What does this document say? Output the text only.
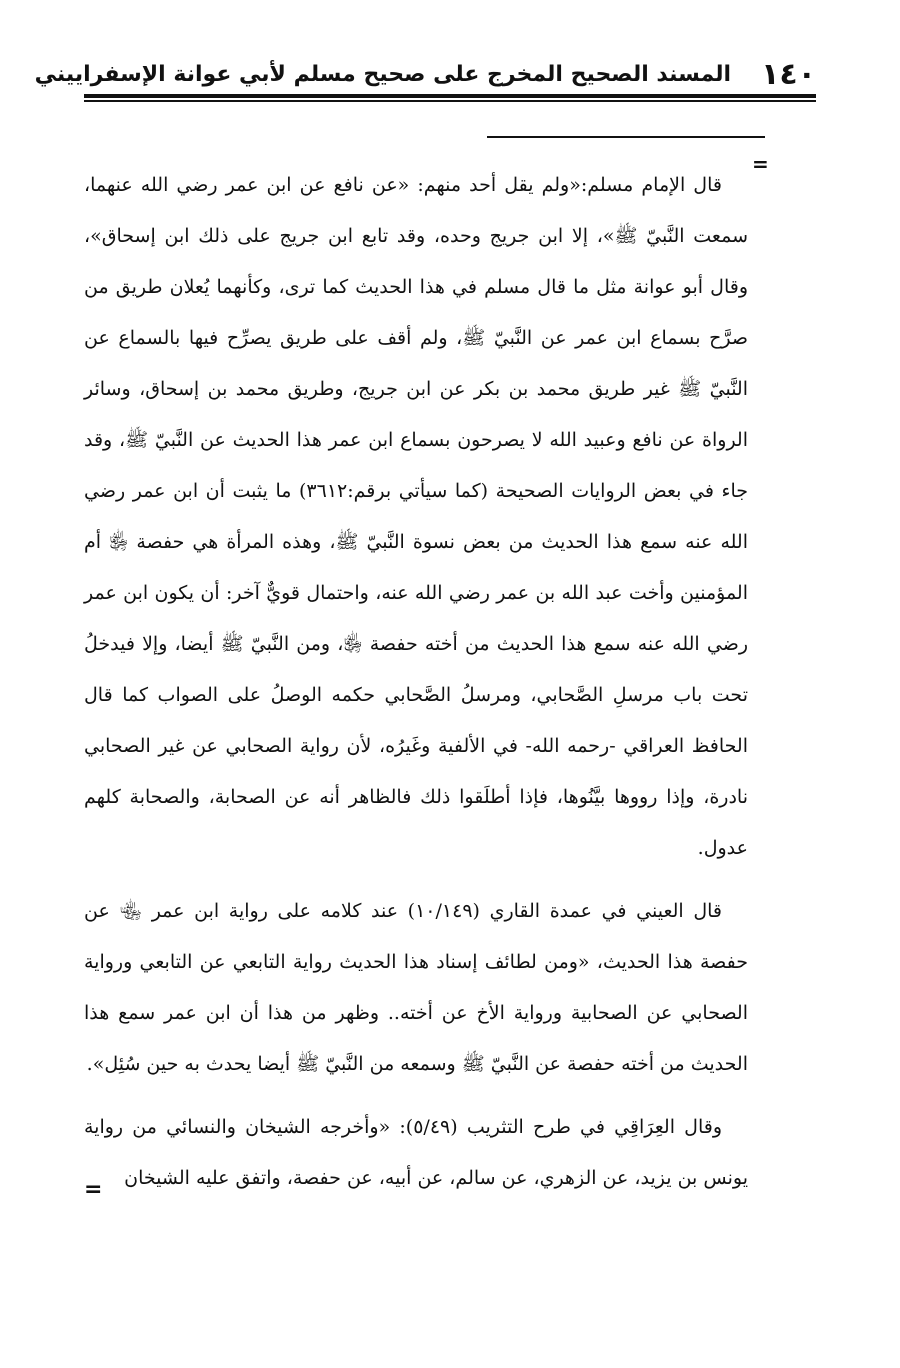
١٤٠
المسند الصحيح المخرج على صحيح مسلم لأبي عوانة الإسفراييني
=

قال الإمام مسلم:«ولم يقل أحد منهم: «عن نافع عن ابن عمر رضي الله عنهما، سمعت النَّبيّ ﷺ»، إلا ابن جريج وحده، وقد تابع ابن جريج على ذلك ابن إسحاق»، وقال أبو عوانة مثل ما قال مسلم في هذا الحديث كما ترى، وكأنهما يُعلان طريق من صرَّح بسماع ابن عمر عن النَّبيّ ﷺ، ولم أقف على طريق يصرِّح فيها بالسماع عن النَّبيّ ﷺ غير طريق محمد بن بكر عن ابن جريج، وطريق محمد بن إسحاق، وسائر الرواة عن نافع وعبيد الله لا يصرحون بسماع ابن عمر هذا الحديث عن النَّبيّ ﷺ، وقد جاء في بعض الروايات الصحيحة (كما سيأتي برقم:٣٦١٢) ما يثبت أن ابن عمر رضي الله عنه سمع هذا الحديث من بعض نسوة النَّبيّ ﷺ، وهذه المرأة هي حفصة ﵂ أم المؤمنين وأخت عبد الله بن عمر رضي الله عنه، واحتمال قويٌّ آخر: أن يكون ابن عمر رضي الله عنه سمع هذا الحديث من أخته حفصة ﵂، ومن النَّبيّ ﷺ أيضا، وإلا فيدخلُ تحت باب مرسلِ الصَّحابي، ومرسلُ الصَّحابي حكمه الوصلُ على الصواب كما قال الحافظ العراقي -رحمه الله- في الألفية وغَيرُه، لأن رواية الصحابي عن غير الصحابي نادرة، وإذا رووها بيَّنُوها، فإذا أطلَقوا ذلك فالظاهر أنه عن الصحابة، والصحابة كلهم عدول.

قال العيني في عمدة القاري (١٠/١٤٩) عند كلامه على رواية ابن عمر ﵄ عن حفصة هذا الحديث، «ومن لطائف إسناد هذا الحديث رواية التابعي عن التابعي ورواية الصحابي عن الصحابية ورواية الأخ عن أخته.. وظهر من هذا أن ابن عمر سمع هذا الحديث من أخته حفصة عن النَّبيّ ﷺ وسمعه من النَّبيّ ﷺ أيضا يحدث به حين سُئِل».

وقال العِرَاقِي في طرح التثريب (٥/٤٩): «وأخرجه الشيخان والنسائي من رواية يونس بن يزيد، عن الزهري، عن سالم، عن أبيه، عن حفصة، واتفق عليه الشيخان

=
